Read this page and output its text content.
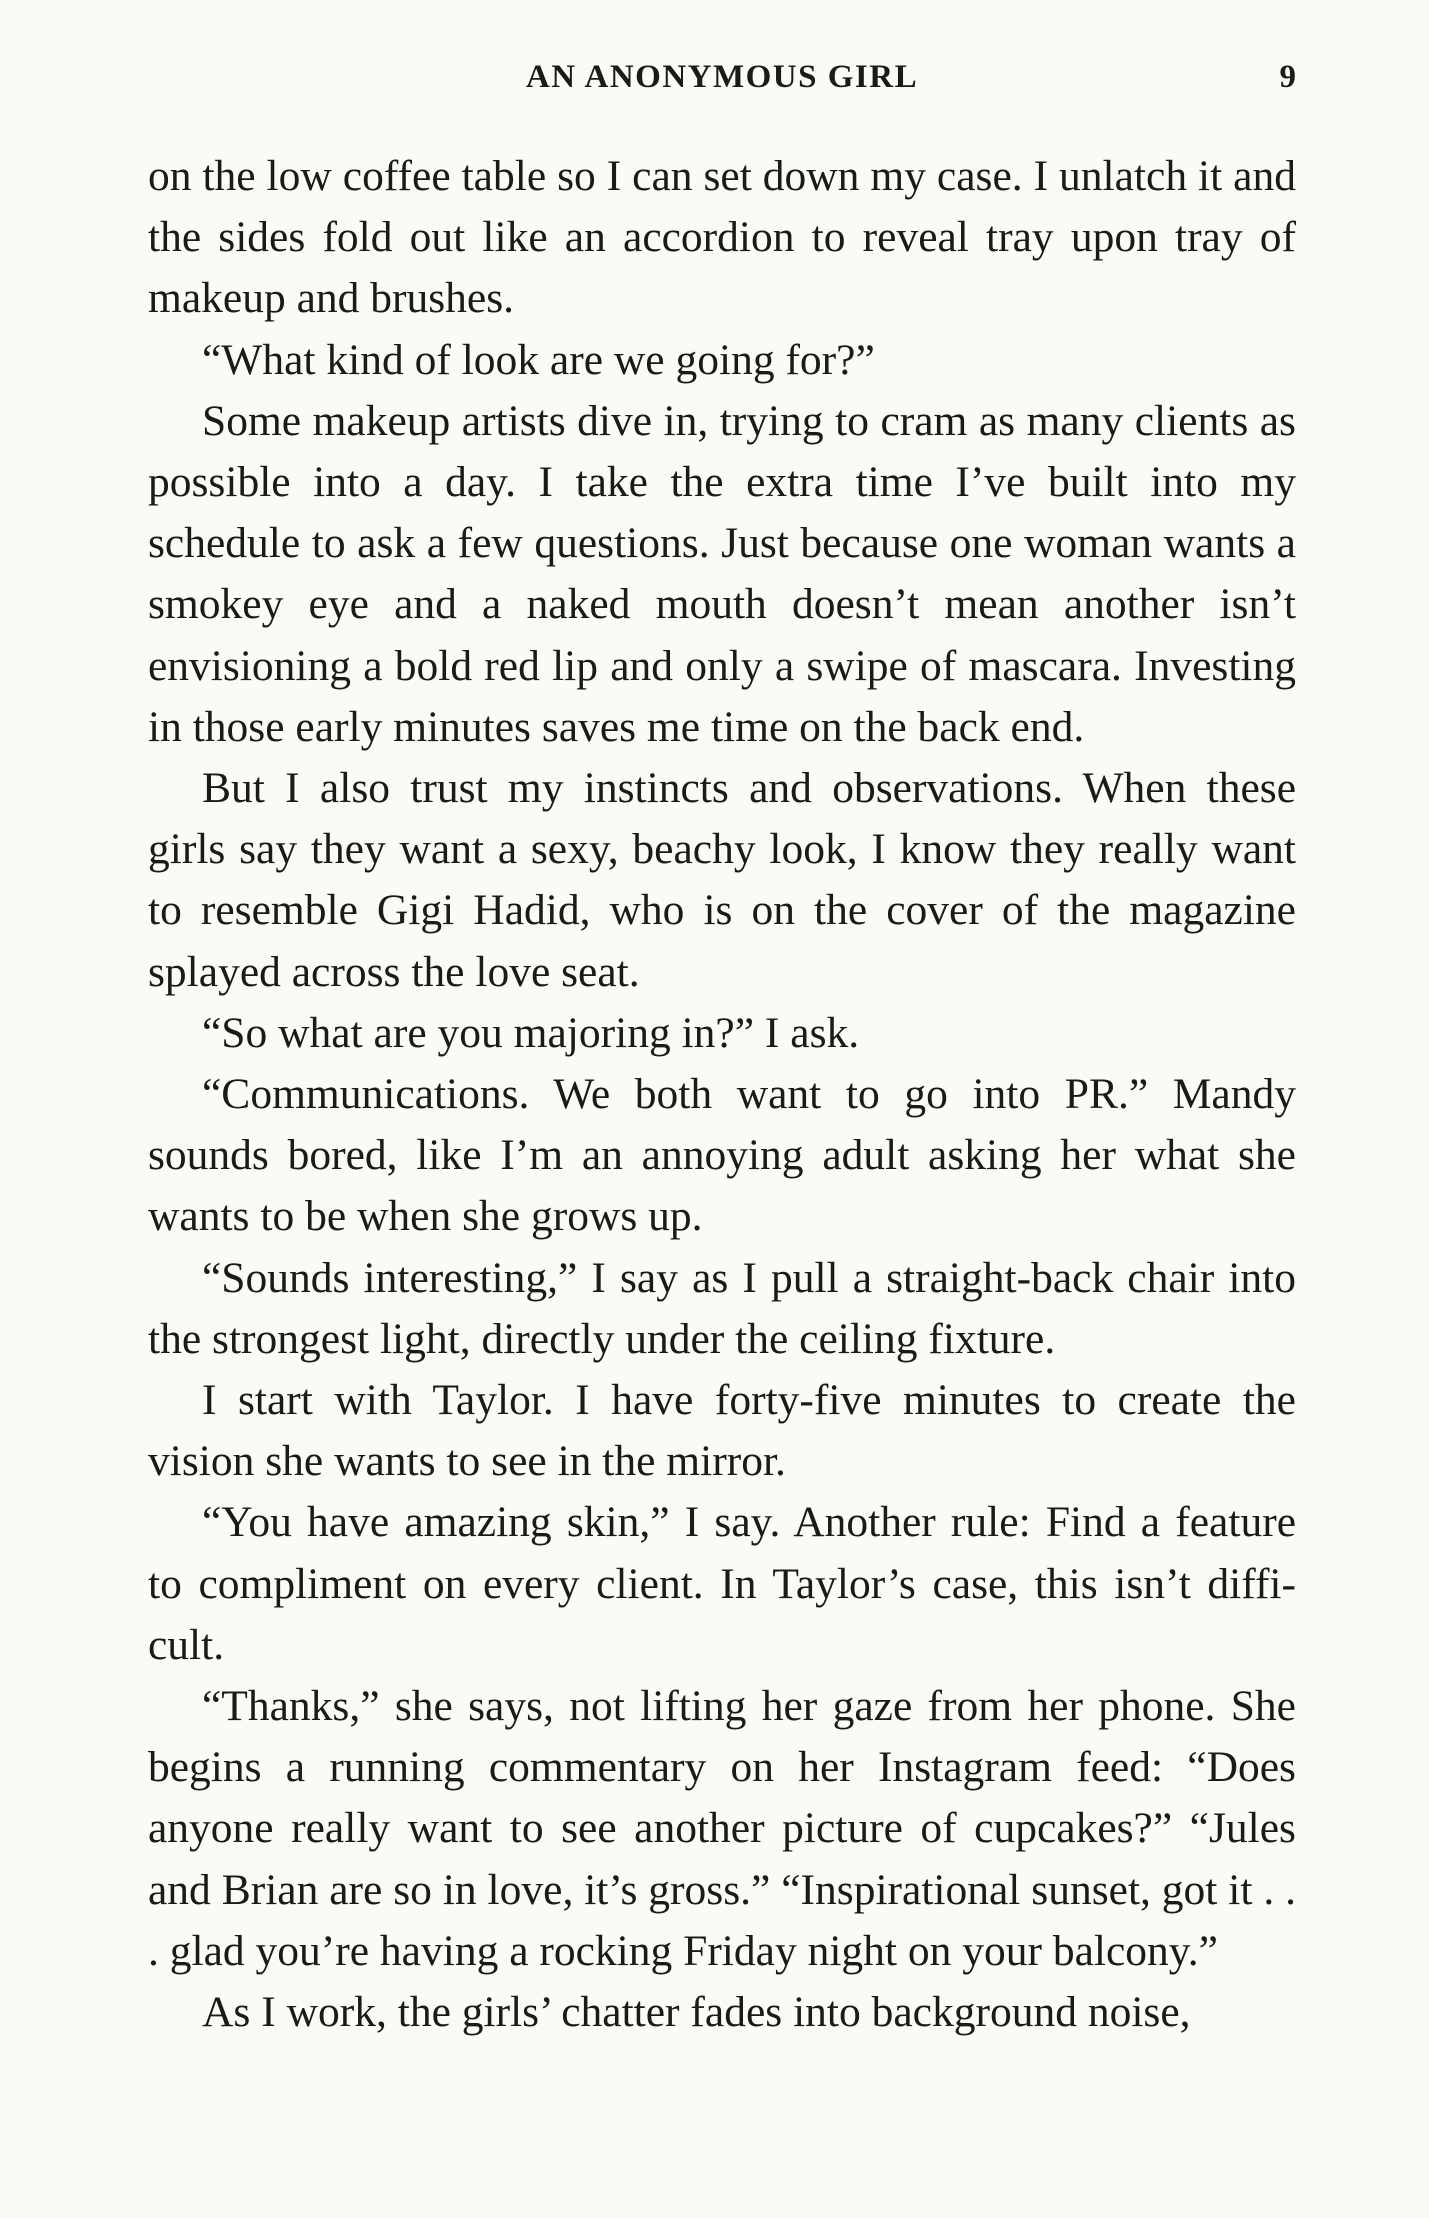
AN ANONYMOUS GIRL	9

on the low coffee table so I can set down my case. I unlatch it and the sides fold out like an accordion to reveal tray upon tray of makeup and brushes.

“What kind of look are we going for?”

Some makeup artists dive in, trying to cram as many clients as possible into a day. I take the extra time I’ve built into my schedule to ask a few questions. Just because one woman wants a smokey eye and a naked mouth doesn’t mean another isn’t envisioning a bold red lip and only a swipe of mascara. Investing in those early minutes saves me time on the back end.

But I also trust my instincts and observations. When these girls say they want a sexy, beachy look, I know they really want to resemble Gigi Hadid, who is on the cover of the magazine splayed across the love seat.

“So what are you majoring in?” I ask.

“Communications. We both want to go into PR.” Mandy sounds bored, like I’m an annoying adult asking her what she wants to be when she grows up.

“Sounds interesting,” I say as I pull a straight-back chair into the strongest light, directly under the ceiling fixture.

I start with Taylor. I have forty-five minutes to create the vision she wants to see in the mirror.

“You have amazing skin,” I say. Another rule: Find a feature to compliment on every client. In Taylor’s case, this isn’t diffi-cult.

“Thanks,” she says, not lifting her gaze from her phone. She begins a running commentary on her Instagram feed: “Does anyone really want to see another picture of cupcakes?” “Jules and Brian are so in love, it’s gross.” “Inspirational sunset, got it . . . glad you’re having a rocking Friday night on your balcony.”

As I work, the girls’ chatter fades into background noise,
